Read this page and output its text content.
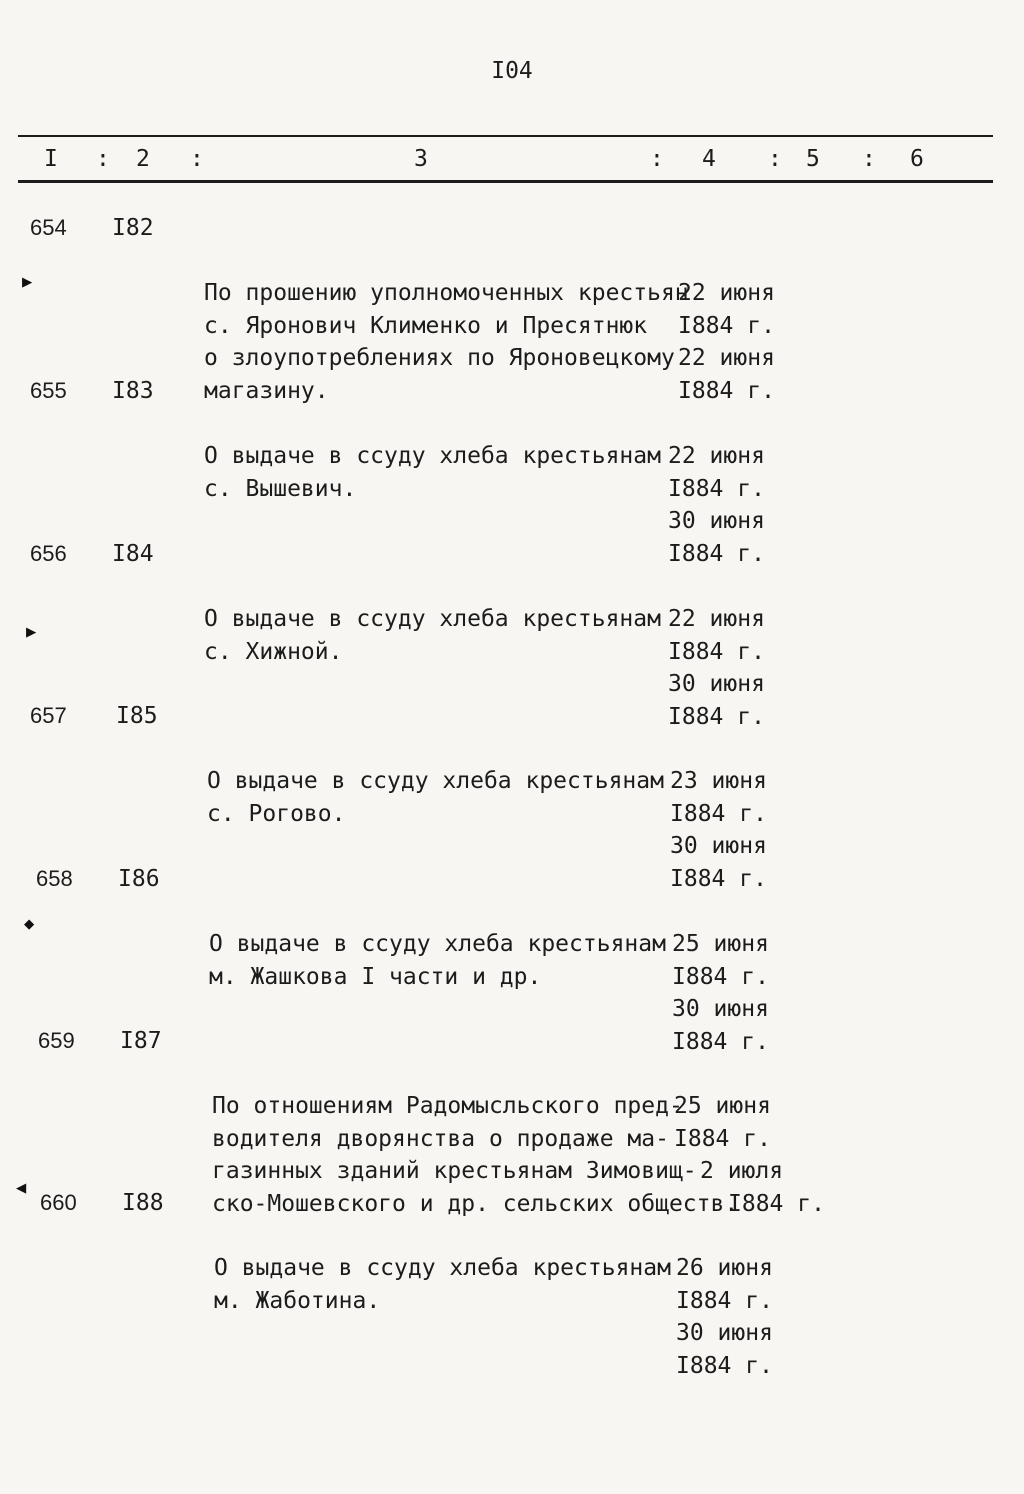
I04
I : 2 :	3	: 4 : 5 : 6
654 I82

По прошению уполномоченных крестьян
с. Яронович Клименко и Пресятнюк
о злоупотреблениях по Яроновецкому
магазину.

22 июня
I884 г.
22 июня
I884 г.

655 I83

О выдаче в ссуду хлеба крестьянам
с. Вышевич.

22 июня
I884 г.
30 июня
I884 г.

656 I84

О выдаче в ссуду хлеба крестьянам
с. Хижной.

22 июня
I884 г.
30 июня
I884 г.

657 I85

О выдаче в ссуду хлеба крестьянам
с. Рогово.

23 июня
I884 г.
30 июня
I884 г.

658 I86

О выдаче в ссуду хлеба крестьянам
м. Жашкова I части и др.

25 июня
I884 г.
30 июня
I884 г.

659 I87

По отношениям Радомысльского пред-
водителя дворянства о продаже ма-
газинных зданий крестьянам Зимовищ-
ско-Мошевского и др. сельских обществ.

25 июня
I884 г.
2 июля
I884 г.

660 I88

О выдаче в ссуду хлеба крестьянам
м. Жаботина.

26 июня
I884 г.
30 июня
I884 г.

▶
▶
◆
◀
